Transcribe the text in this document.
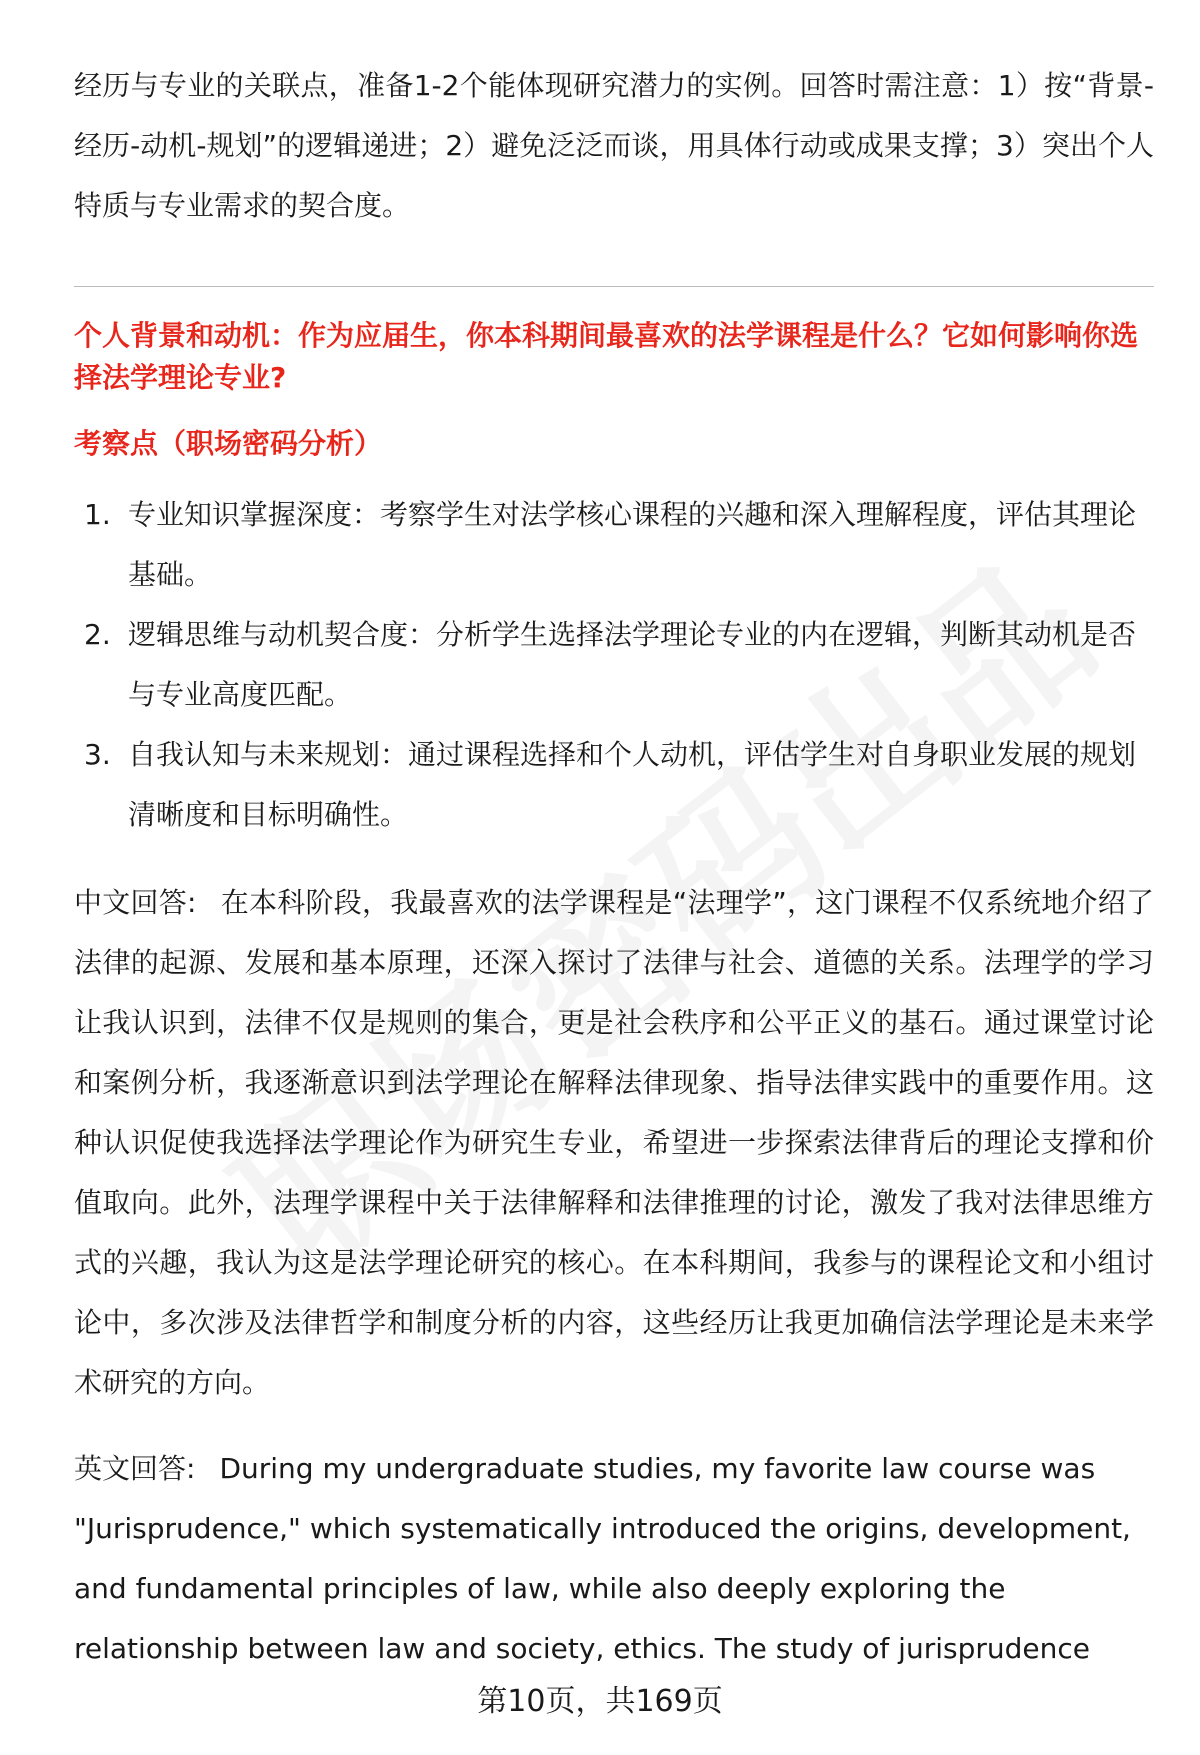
经历与专业的关联点，准备1-2个能体现研究潜力的实例。回答时需注意：1）按“背景-经历-动机-规划”的逻辑递进；2）避免泛泛而谈，用具体行动或成果支撑；3）突出个人特质与专业需求的契合度。

个人背景和动机：作为应届生，你本科期间最喜欢的法学课程是什么？它如何影响你选择法学理论专业?

考察点（职场密码分析）

1. 专业知识掌握深度：考察学生对法学核心课程的兴趣和深入理解程度，评估其理论基础。
2. 逻辑思维与动机契合度：分析学生选择法学理论专业的内在逻辑，判断其动机是否与专业高度匹配。
3. 自我认知与未来规划：通过课程选择和个人动机，评估学生对自身职业发展的规划清晰度和目标明确性。

中文回答: 在本科阶段，我最喜欢的法学课程是“法理学”，这门课程不仅系统地介绍了法律的起源、发展和基本原理，还深入探讨了法律与社会、道德的关系。法理学的学习让我认识到，法律不仅是规则的集合，更是社会秩序和公平正义的基石。通过课堂讨论和案例分析，我逐渐意识到法学理论在解释法律现象、指导法律实践中的重要作用。这种认识促使我选择法学理论作为研究生专业，希望进一步探索法律背后的理论支撑和价值取向。此外，法理学课程中关于法律解释和法律推理的讨论，激发了我对法律思维方式的兴趣，我认为这是法学理论研究的核心。在本科期间，我参与的课程论文和小组讨论中，多次涉及法律哲学和制度分析的内容，这些经历让我更加确信法学理论是未来学术研究的方向。

英文回答: During my undergraduate studies, my favorite law course was "Jurisprudence," which systematically introduced the origins, development, and fundamental principles of law, while also deeply exploring the relationship between law and society, ethics. The study of jurisprudence

第10页，共169页
